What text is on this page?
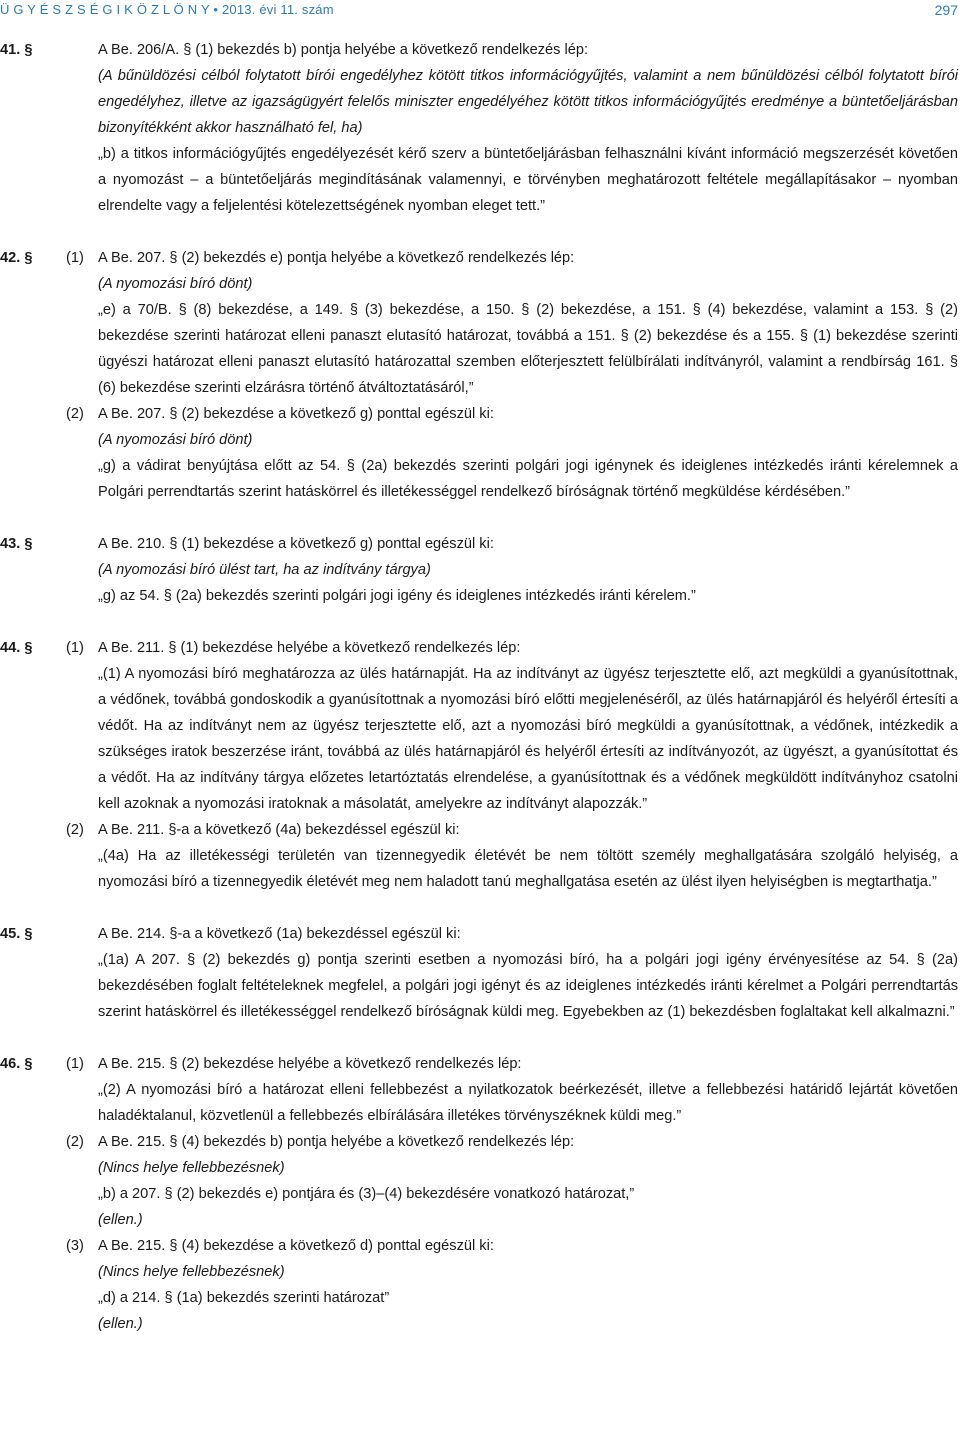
Ü G Y É S Z S É G I K Ö Z L Ö N Y • 2013. évi 11. szám	297
41. §	A Be. 206/A. § (1) bekezdés b) pontja helyébe a következő rendelkezés lép:
(A bűnüldözési célból folytatott bírói engedélyhez kötött titkos információgyűjtés, valamint a nem bűnüldözési célból folytatott bírói engedélyhez, illetve az igazságügyért felelős miniszter engedélyéhez kötött titkos információgyűjtés eredménye a büntetőeljárásban bizonyítékként akkor használható fel, ha)
„b) a titkos információgyűjtés engedélyezését kérő szerv a büntetőeljárásban felhasználni kívánt információ megszerzését követően a nyomozást – a büntetőeljárás megindításának valamennyi, e törvényben meghatározott feltétele megállapításakor – nyomban elrendelte vagy a feljelentési kötelezettségének nyomban eleget tett.”
42. §	(1) A Be. 207. § (2) bekezdés e) pontja helyébe a következő rendelkezés lép:
(A nyomozási bíró dönt)
„e) a 70/B. § (8) bekezdése, a 149. § (3) bekezdése, a 150. § (2) bekezdése, a 151. § (4) bekezdése, valamint a 153. § (2) bekezdése szerinti határozat elleni panaszt elutasító határozat, továbbá a 151. § (2) bekezdése és a 155. § (1) bekezdése szerinti ügyészi határozat elleni panaszt elutasító határozattal szemben előterjesztett felülbírálati indítványról, valamint a rendbírság 161. § (6) bekezdése szerinti elzárásra történő átváltoztatásáról,”
(2) A Be. 207. § (2) bekezdése a következő g) ponttal egészül ki:
(A nyomozási bíró dönt)
„g) a vádirat benyújtása előtt az 54. § (2a) bekezdés szerinti polgári jogi igénynek és ideiglenes intézkedés iránti kérelemnek a Polgári perrendtartás szerint hatáskörrel és illetékességgel rendelkező bíróságnak történő megküldése kérdésében.”
43. §	A Be. 210. § (1) bekezdése a következő g) ponttal egészül ki:
(A nyomozási bíró ülést tart, ha az indítvány tárgya)
„g) az 54. § (2a) bekezdés szerinti polgári jogi igény és ideiglenes intézkedés iránti kérelem.”
44. §	(1) A Be. 211. § (1) bekezdése helyébe a következő rendelkezés lép:
„(1) A nyomozási bíró meghatározza az ülés határnapját. Ha az indítványt az ügyész terjesztette elő, azt megküldi a gyanúsítottnak, a védőnek, továbbá gondoskodik a gyanúsítottnak a nyomozási bíró előtti megjelenéséről, az ülés határnapjáról és helyéről értesíti a védőt. Ha az indítványt nem az ügyész terjesztette elő, azt a nyomozási bíró megküldi a gyanúsítottnak, a védőnek, intézkedik a szükséges iratok beszerzése iránt, továbbá az ülés határnapjáról és helyéről értesíti az indítványozót, az ügyészt, a gyanúsítottat és a védőt. Ha az indítvány tárgya előzetes letartóztatás elrendelése, a gyanúsítottnak és a védőnek megküldött indítványhoz csatolni kell azoknak a nyomozási iratoknak a másolatát, amelyekre az indítványt alapozzák.”
(2) A Be. 211. §-a a következő (4a) bekezdéssel egészül ki:
„(4a) Ha az illetékességi területén van tizennegyedik életévét be nem töltött személy meghallgatására szolgáló helyiség, a nyomozási bíró a tizennegyedik életévét meg nem haladott tanú meghallgatása esetén az ülést ilyen helyiségben is megtarthatja.”
45. §	A Be. 214. §-a a következő (1a) bekezdéssel egészül ki:
„(1a) A 207. § (2) bekezdés g) pontja szerinti esetben a nyomozási bíró, ha a polgári jogi igény érvényesítése az 54. § (2a) bekezdésében foglalt feltételeknek megfelel, a polgári jogi igényt és az ideiglenes intézkedés iránti kérelmet a Polgári perrendtartás szerint hatáskörrel és illetékességgel rendelkező bíróságnak küldi meg. Egyebekben az (1) bekezdésben foglaltakat kell alkalmazni.”
46. §	(1) A Be. 215. § (2) bekezdése helyébe a következő rendelkezés lép:
„(2) A nyomozási bíró a határozat elleni fellebbezést a nyilatkozatok beérkezését, illetve a fellebbezési határidő lejártát követően haladéktalanul, közvetlenül a fellebbezés elbírálására illetékes törvényszéknek küldi meg.”
(2) A Be. 215. § (4) bekezdés b) pontja helyébe a következő rendelkezés lép:
(Nincs helye fellebbezésnek)
„b) a 207. § (2) bekezdés e) pontjára és (3)–(4) bekezdésére vonatkozó határozat,”
(ellen.)
(3) A Be. 215. § (4) bekezdése a következő d) ponttal egészül ki:
(Nincs helye fellebbezésnek)
„d) a 214. § (1a) bekezdés szerinti határozat”
(ellen.)
